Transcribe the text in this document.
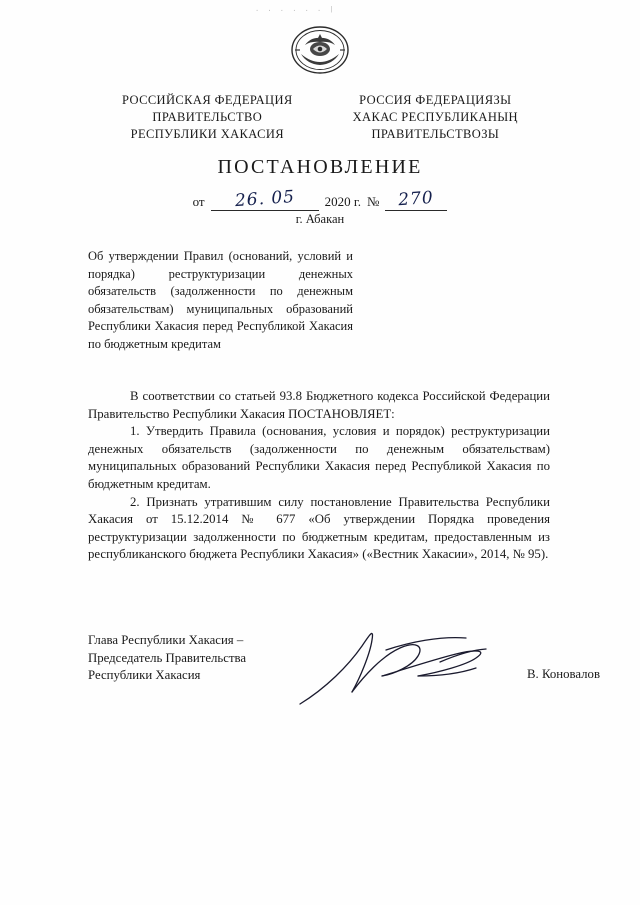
. . . . . . |
РОССИЙСКАЯ ФЕДЕРАЦИЯ
ПРАВИТЕЛЬСТВО
РЕСПУБЛИКИ ХАКАСИЯ
РОССИЯ ФЕДЕРАЦИЯЗЫ
ХАКАС РЕСПУБЛИКАНЫҢ
ПРАВИТЕЛЬСТВОЗЫ
ПОСТАНОВЛЕНИЕ
от 26. 05 2020 г. № 270
г. Абакан
Об утверждении Правил (оснований, условий и порядка) реструктуризации денежных обязательств (задолженности по денежным обязательствам) муниципальных образований Республики Хакасия перед Республикой Хакасия по бюджетным кредитам

В соответствии со статьей 93.8 Бюджетного кодекса Российской Федерации Правительство Республики Хакасия ПОСТАНОВЛЯЕТ:

1. Утвердить Правила (основания, условия и порядок) реструктуризации денежных обязательств (задолженности по денежным обязательствам) муниципальных образований Республики Хакасия перед Республикой Хакасия по бюджетным кредитам.

2. Признать утратившим силу постановление Правительства Республики Хакасия от 15.12.2014 № 677 «Об утверждении Порядка проведения реструктуризации задолженности по бюджетным кредитам, предоставленным из республиканского бюджета Республики Хакасия» («Вестник Хакасии», 2014, № 95).

Глава Республики Хакасия –
Председатель Правительства
Республики Хакасия	В. Коновалов
